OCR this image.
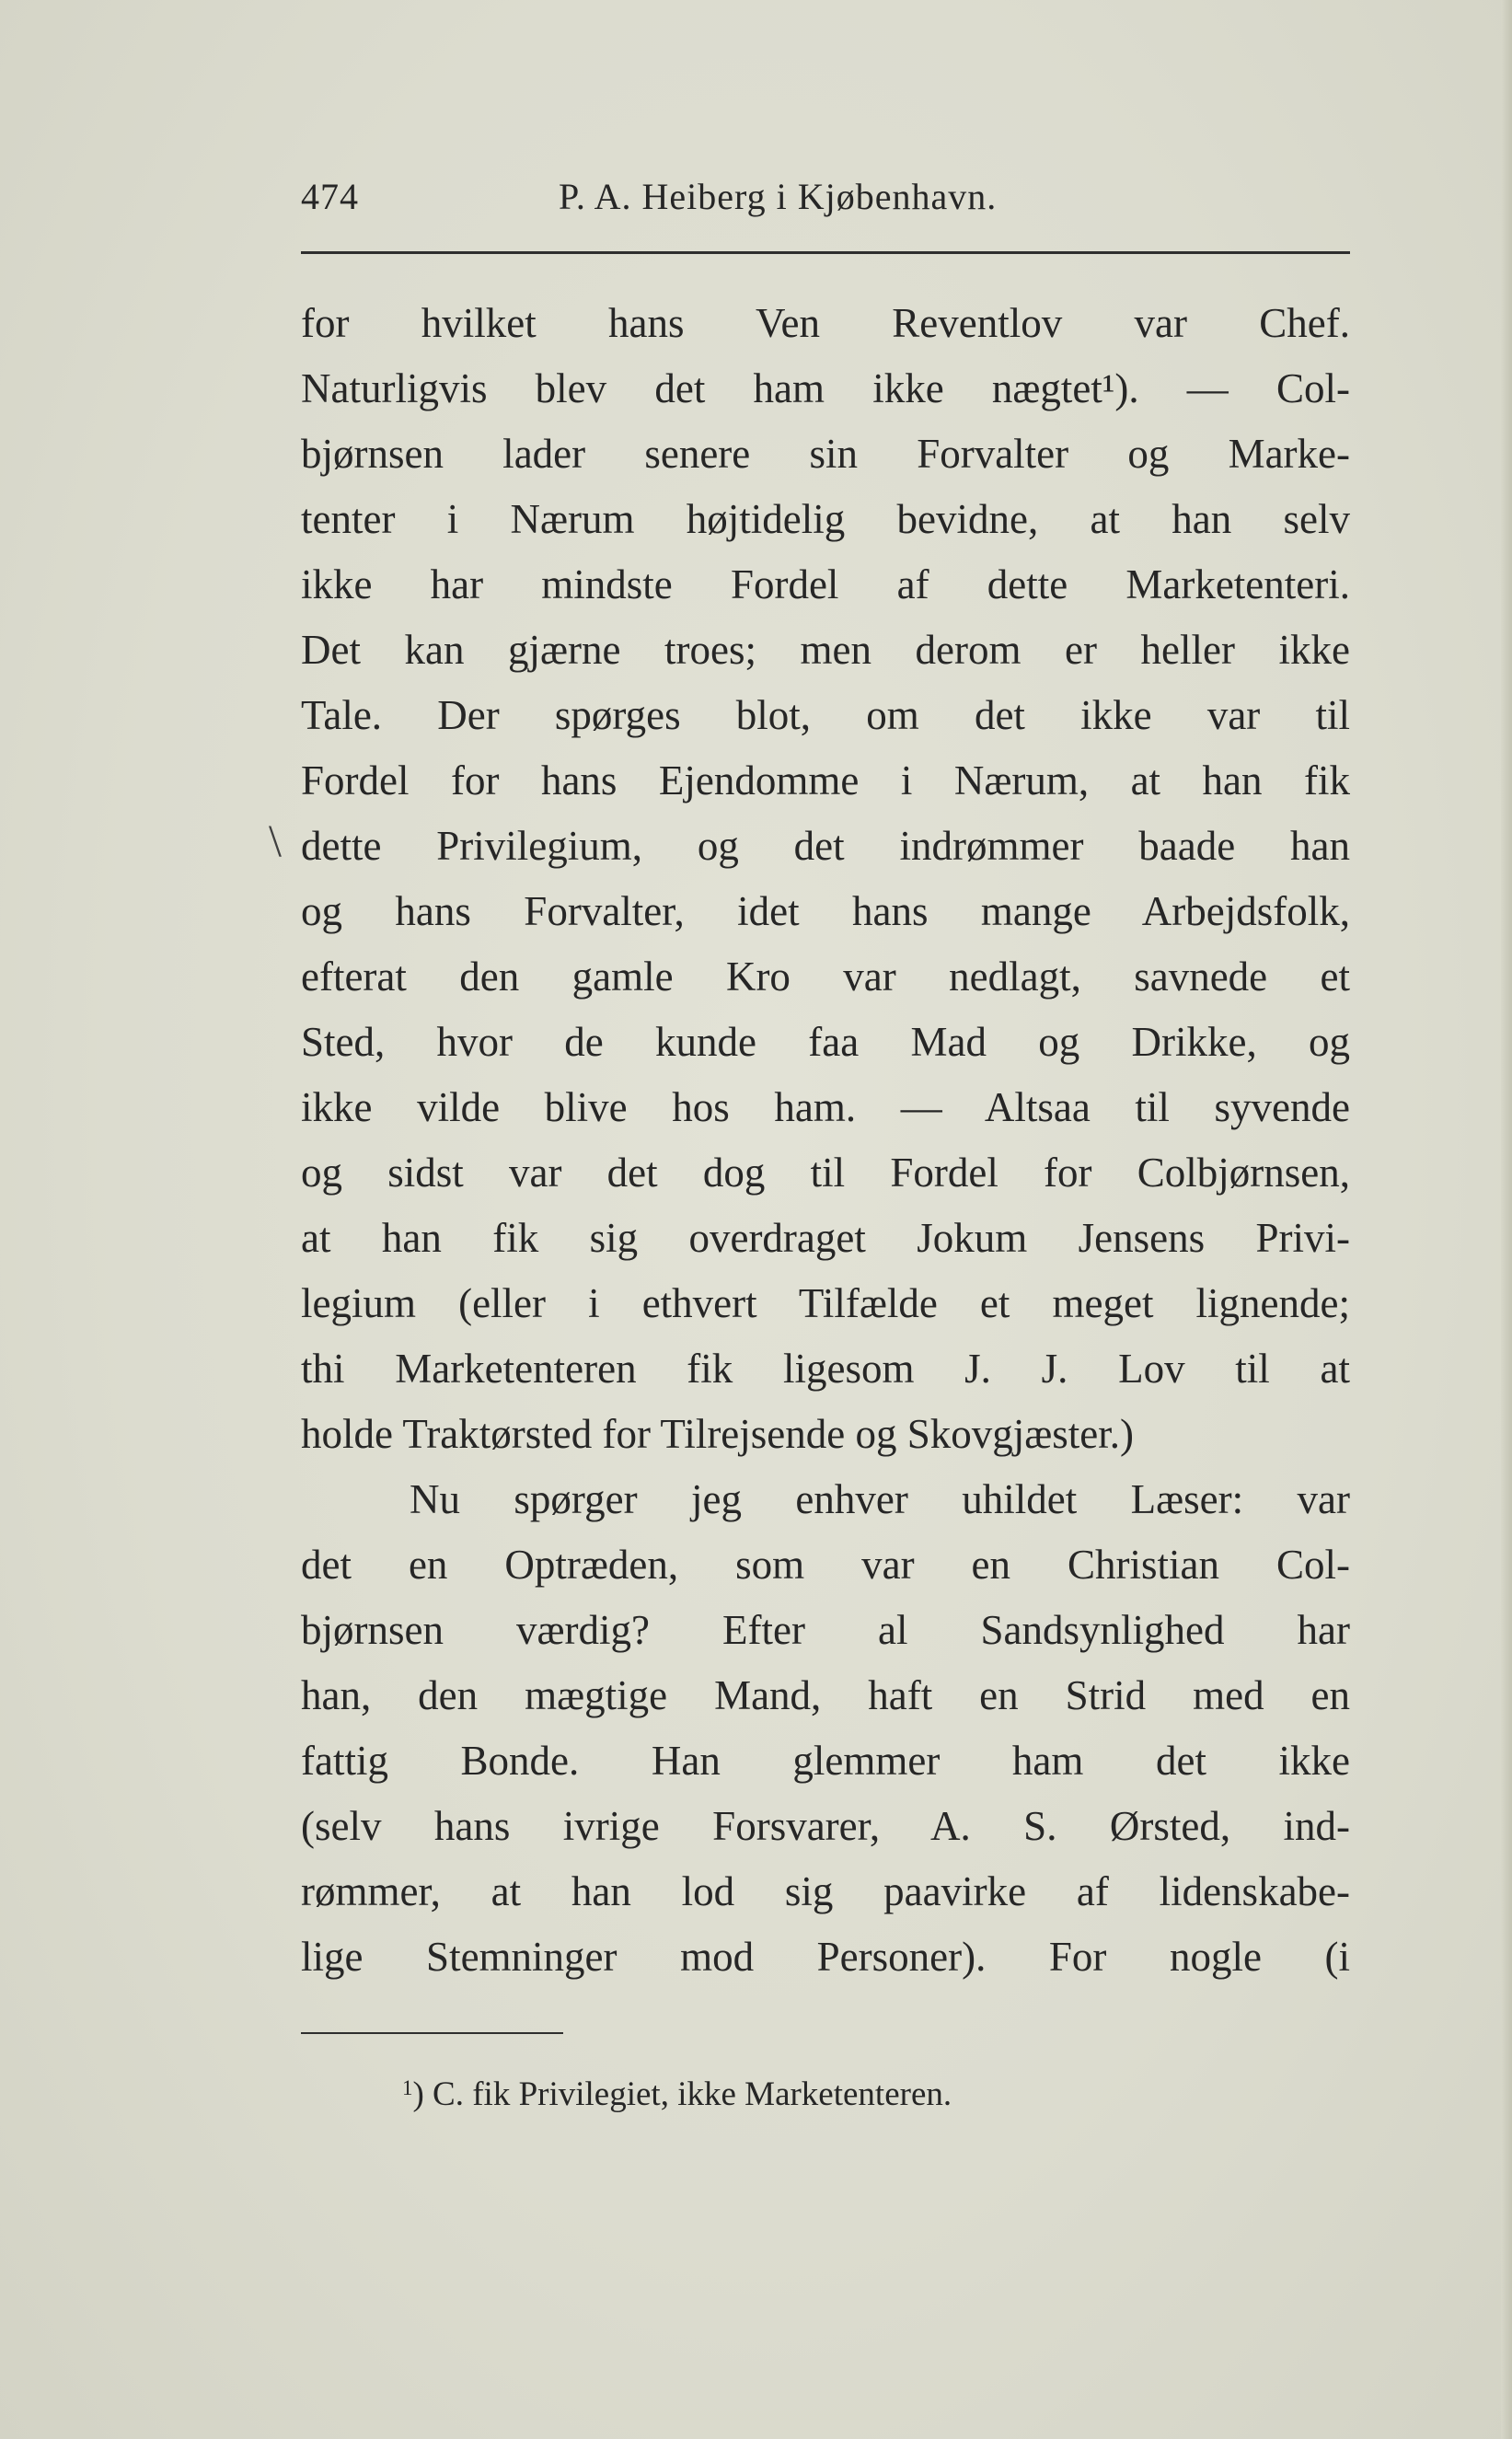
474	P. A. Heiberg i Kjøbenhavn.
\
for hvilket hans Ven Reventlov var Chef.
Naturligvis blev det ham ikke nægtet¹). — Col-
bjørnsen lader senere sin Forvalter og Marke-
tenter i Nærum højtidelig bevidne, at han selv
ikke har mindste Fordel af dette Marketenteri.
Det kan gjærne troes; men derom er heller ikke
Tale. Der spørges blot, om det ikke var til
Fordel for hans Ejendomme i Nærum, at han fik
dette Privilegium, og det indrømmer baade han
og hans Forvalter, idet hans mange Arbejdsfolk,
efterat den gamle Kro var nedlagt, savnede et
Sted, hvor de kunde faa Mad og Drikke, og
ikke vilde blive hos ham. — Altsaa til syvende
og sidst var det dog til Fordel for Colbjørnsen,
at han fik sig overdraget Jokum Jensens Privi-
legium (eller i ethvert Tilfælde et meget lignende;
thi Marketenteren fik ligesom J. J. Lov til at
holde Traktørsted for Tilrejsende og Skovgjæster.)
Nu spørger jeg enhver uhildet Læser: var
det en Optræden, som var en Christian Col-
bjørnsen værdig? Efter al Sandsynlighed har
han, den mægtige Mand, haft en Strid med en
fattig Bonde. Han glemmer ham det ikke
(selv hans ivrige Forsvarer, A. S. Ørsted, ind-
rømmer, at han lod sig paavirke af lidenskabe-
lige Stemninger mod Personer). For nogle (i
$^1$) C. fik Privilegiet, ikke Marketenteren.
